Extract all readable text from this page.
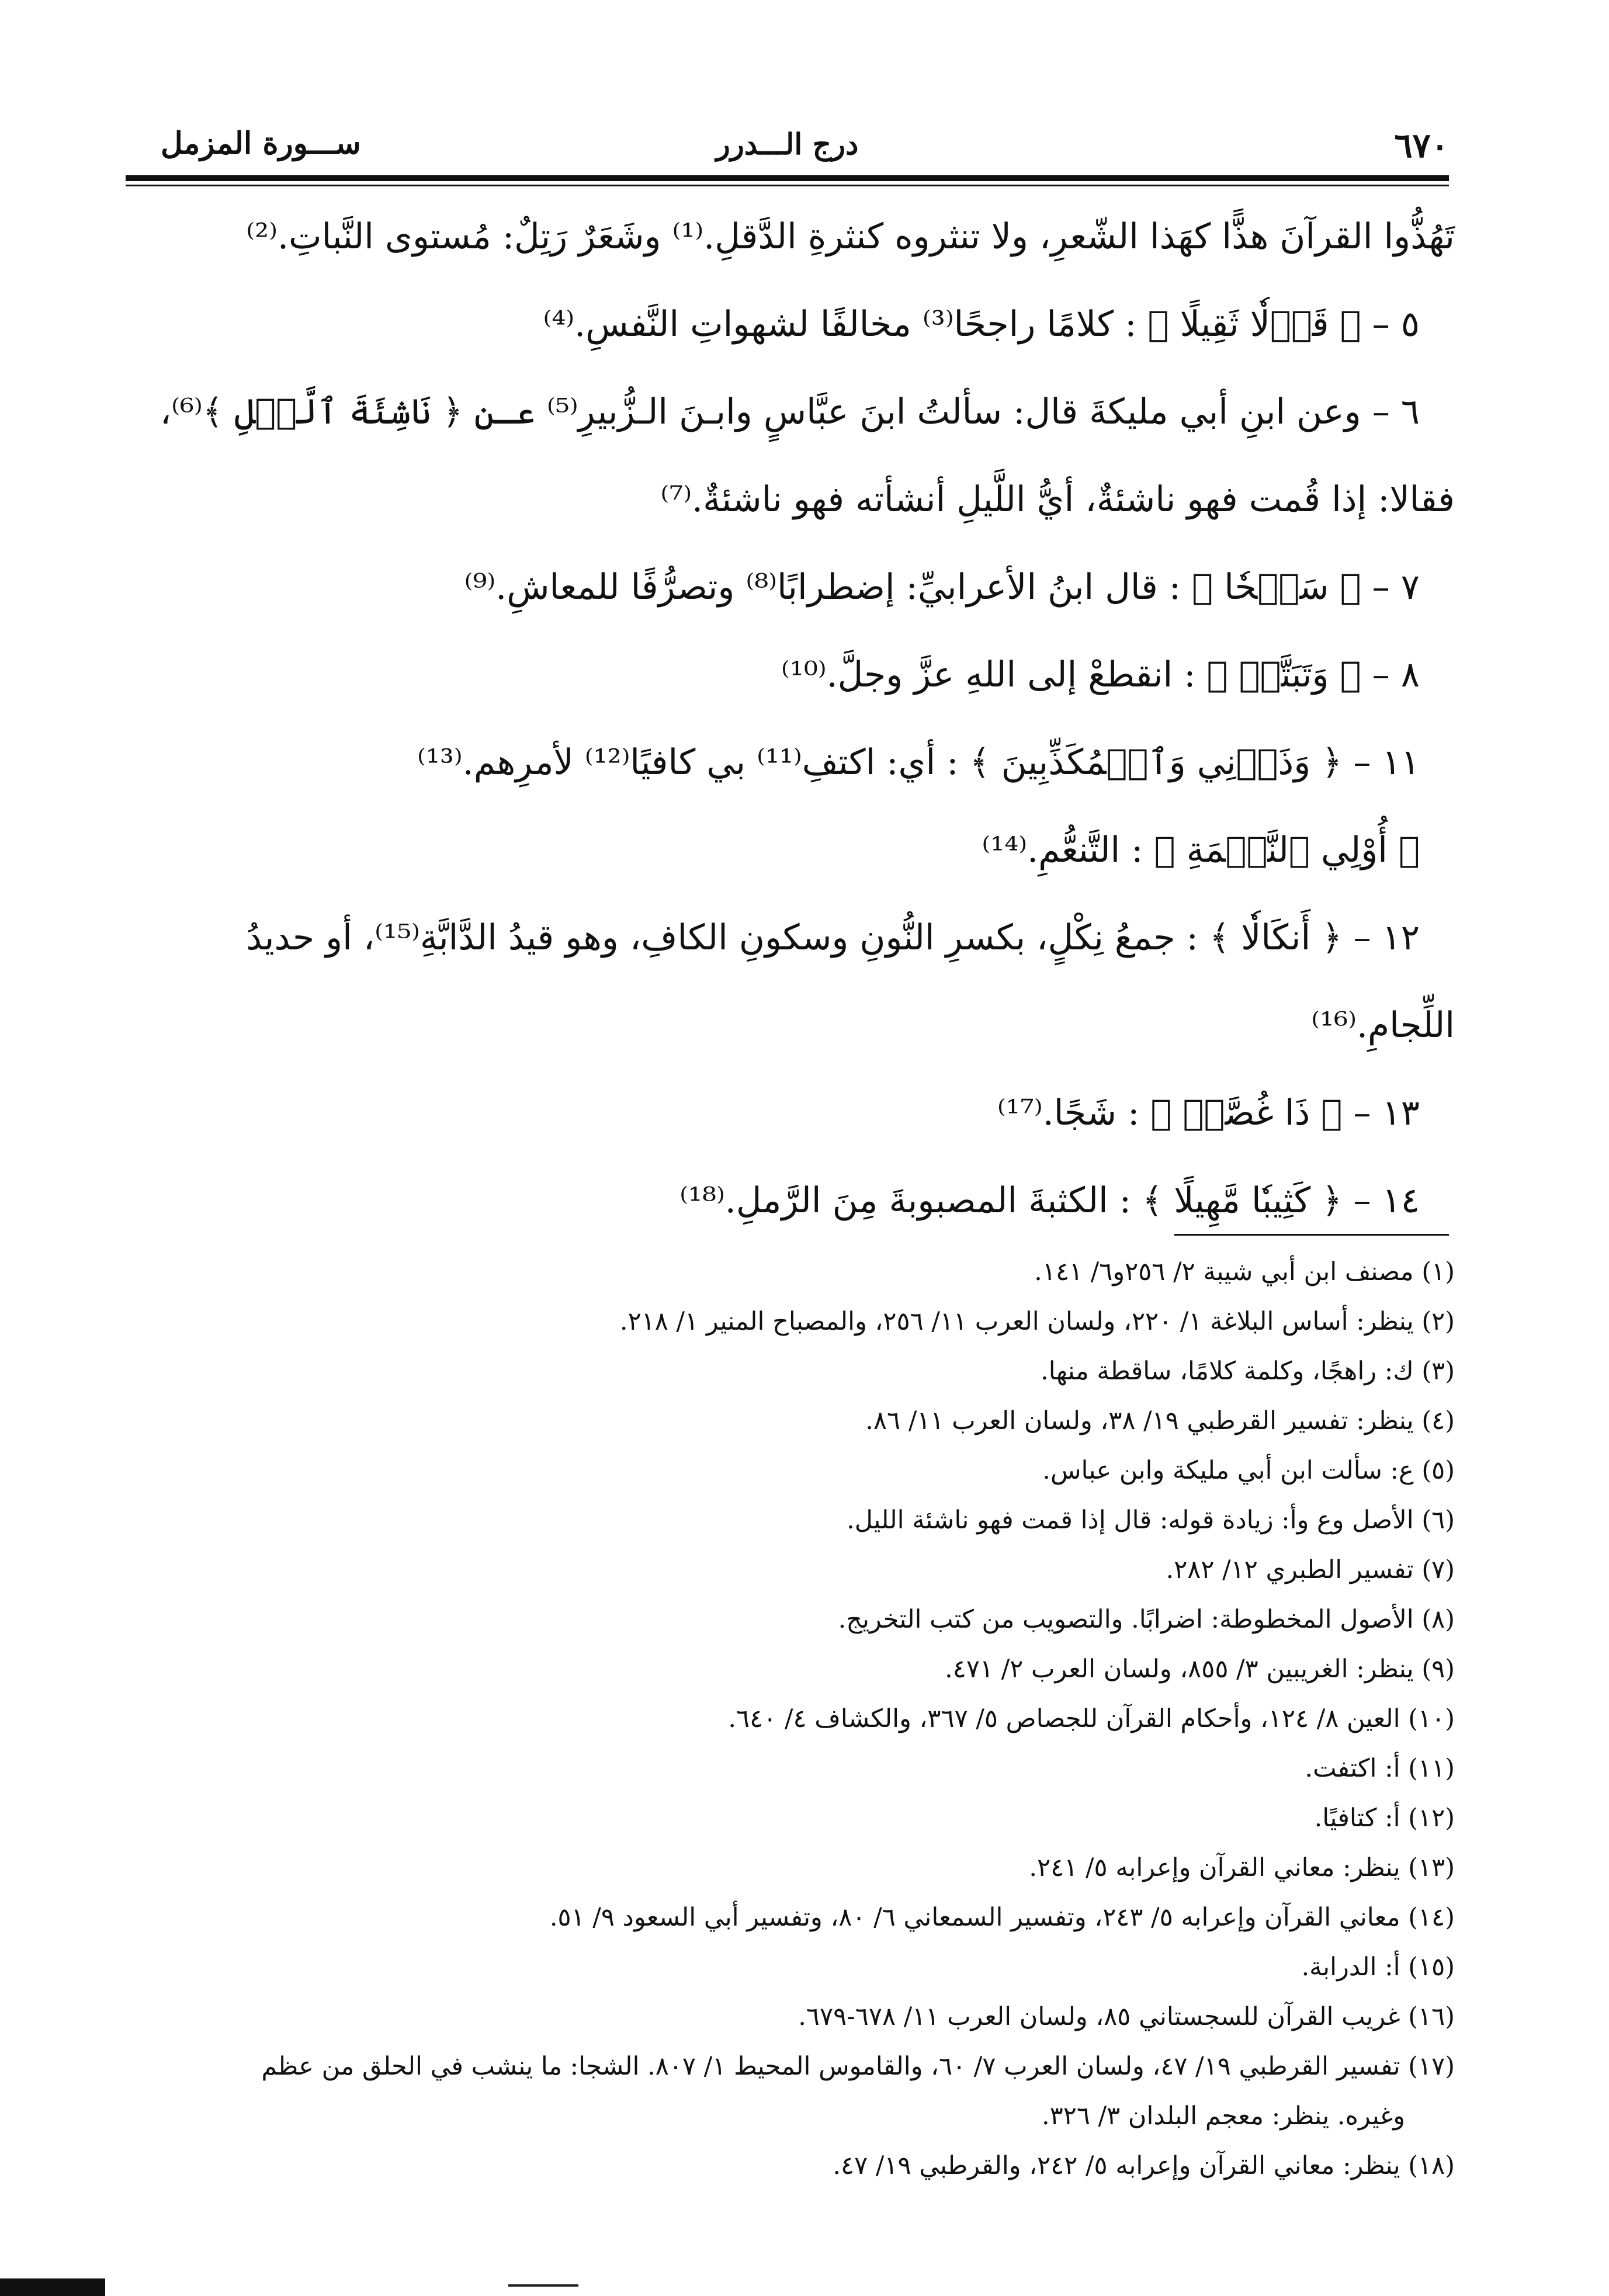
٦٧٠
درج الـــدرر
ســـورة المزمل
تَهُذُّوا القرآنَ هذًّا كهَذا الشّعرِ، ولا تنثروه كنثرةِ الدَّقلِ.⁽¹⁾ وشَعَرٌ رَتِلٌ: مُستوى النَّباتِ.⁽²⁾
٥ – ﴿ قَوۡلٗا ثَقِيلًا ﴾ : كلامًا راجحًا⁽³⁾ مخالفًا لشهواتِ النَّفسِ.⁽⁴⁾
٦ – وعن ابنِ أبي مليكةَ قال: سألتُ ابنَ عبَّاسٍ وابـنَ الـزُّبيرِ⁽⁵⁾ عـن ﴿ نَاشِئَةَ ٱلَّيۡلِ ﴾⁽⁶⁾،
فقالا: إذا قُمت فهو ناشئةٌ، أيُّ اللَّيلِ أنشأته فهو ناشئةٌ.⁽⁷⁾
٧ – ﴿ سَبۡحٗا ﴾ : قال ابنُ الأعرابيِّ: إضطرابًا⁽⁸⁾ وتصرُّفًا للمعاشِ.⁽⁹⁾
٨ – ﴿ وَتَبَتَّلۡ ﴾ : انقطعْ إلى اللهِ عزَّ وجلَّ.⁽¹⁰⁾
١١ – ﴿ وَذَرۡنِي وَٱلۡمُكَذِّبِينَ ﴾ : أي: اكتفِ⁽¹¹⁾ بي كافيًا⁽¹²⁾ لأمرِهم.⁽¹³⁾
﴿ أُوْلِي ٱلنَّعۡمَةِ ﴾ : التَّنعُّمِ.⁽¹⁴⁾
١٢ – ﴿ أَنكَالٗا ﴾ : جمعُ نِكْلٍ، بكسرِ النُّونِ وسكونِ الكافِ، وهو قيدُ الدَّابَّةِ⁽¹⁵⁾، أو حديدُ
اللِّجامِ.⁽¹⁶⁾
١٣ – ﴿ ذَا غُصَّةٖ ﴾ : شَجًا.⁽¹⁷⁾
١٤ – ﴿ كَثِيبٗا مَّهِيلًا ﴾ : الكثبةَ المصبوبةَ مِنَ الرَّملِ.⁽¹⁸⁾
(١) مصنف ابن أبي شيبة ٢/ ٢٥٦و٦/ ١٤١.
(٢) ينظر: أساس البلاغة ١/ ٢٢٠، ولسان العرب ١١/ ٢٥٦، والمصباح المنير ١/ ٢١٨.
(٣) ك: راهجًا، وكلمة كلامًا، ساقطة منها.
(٤) ينظر: تفسير القرطبي ١٩/ ٣٨، ولسان العرب ١١/ ٨٦.
(٥) ع: سألت ابن أبي مليكة وابن عباس.
(٦) الأصل وع وأ: زيادة قوله: قال إذا قمت فهو ناشئة الليل.
(٧) تفسير الطبري ١٢/ ٢٨٢.
(٨) الأصول المخطوطة: اضرابًا. والتصويب من كتب التخريج.
(٩) ينظر: الغريبين ٣/ ٨٥٥، ولسان العرب ٢/ ٤٧١.
(١٠) العين ٨/ ١٢٤، وأحكام القرآن للجصاص ٥/ ٣٦٧، والكشاف ٤/ ٦٤٠.
(١١) أ: اكتفت.
(١٢) أ: كتافيًا.
(١٣) ينظر: معاني القرآن وإعرابه ٥/ ٢٤١.
(١٤) معاني القرآن وإعرابه ٥/ ٢٤٣، وتفسير السمعاني ٦/ ٨٠، وتفسير أبي السعود ٩/ ٥١.
(١٥) أ: الدرابة.
(١٦) غريب القرآن للسجستاني ٨٥، ولسان العرب ١١/ ٦٧٨-٦٧٩.
(١٧) تفسير القرطبي ١٩/ ٤٧، ولسان العرب ٧/ ٦٠، والقاموس المحيط ١/ ٨٠٧. الشجا: ما ينشب في الحلق من عظم
وغيره. ينظر: معجم البلدان ٣/ ٣٢٦.
(١٨) ينظر: معاني القرآن وإعرابه ٥/ ٢٤٢، والقرطبي ١٩/ ٤٧.
